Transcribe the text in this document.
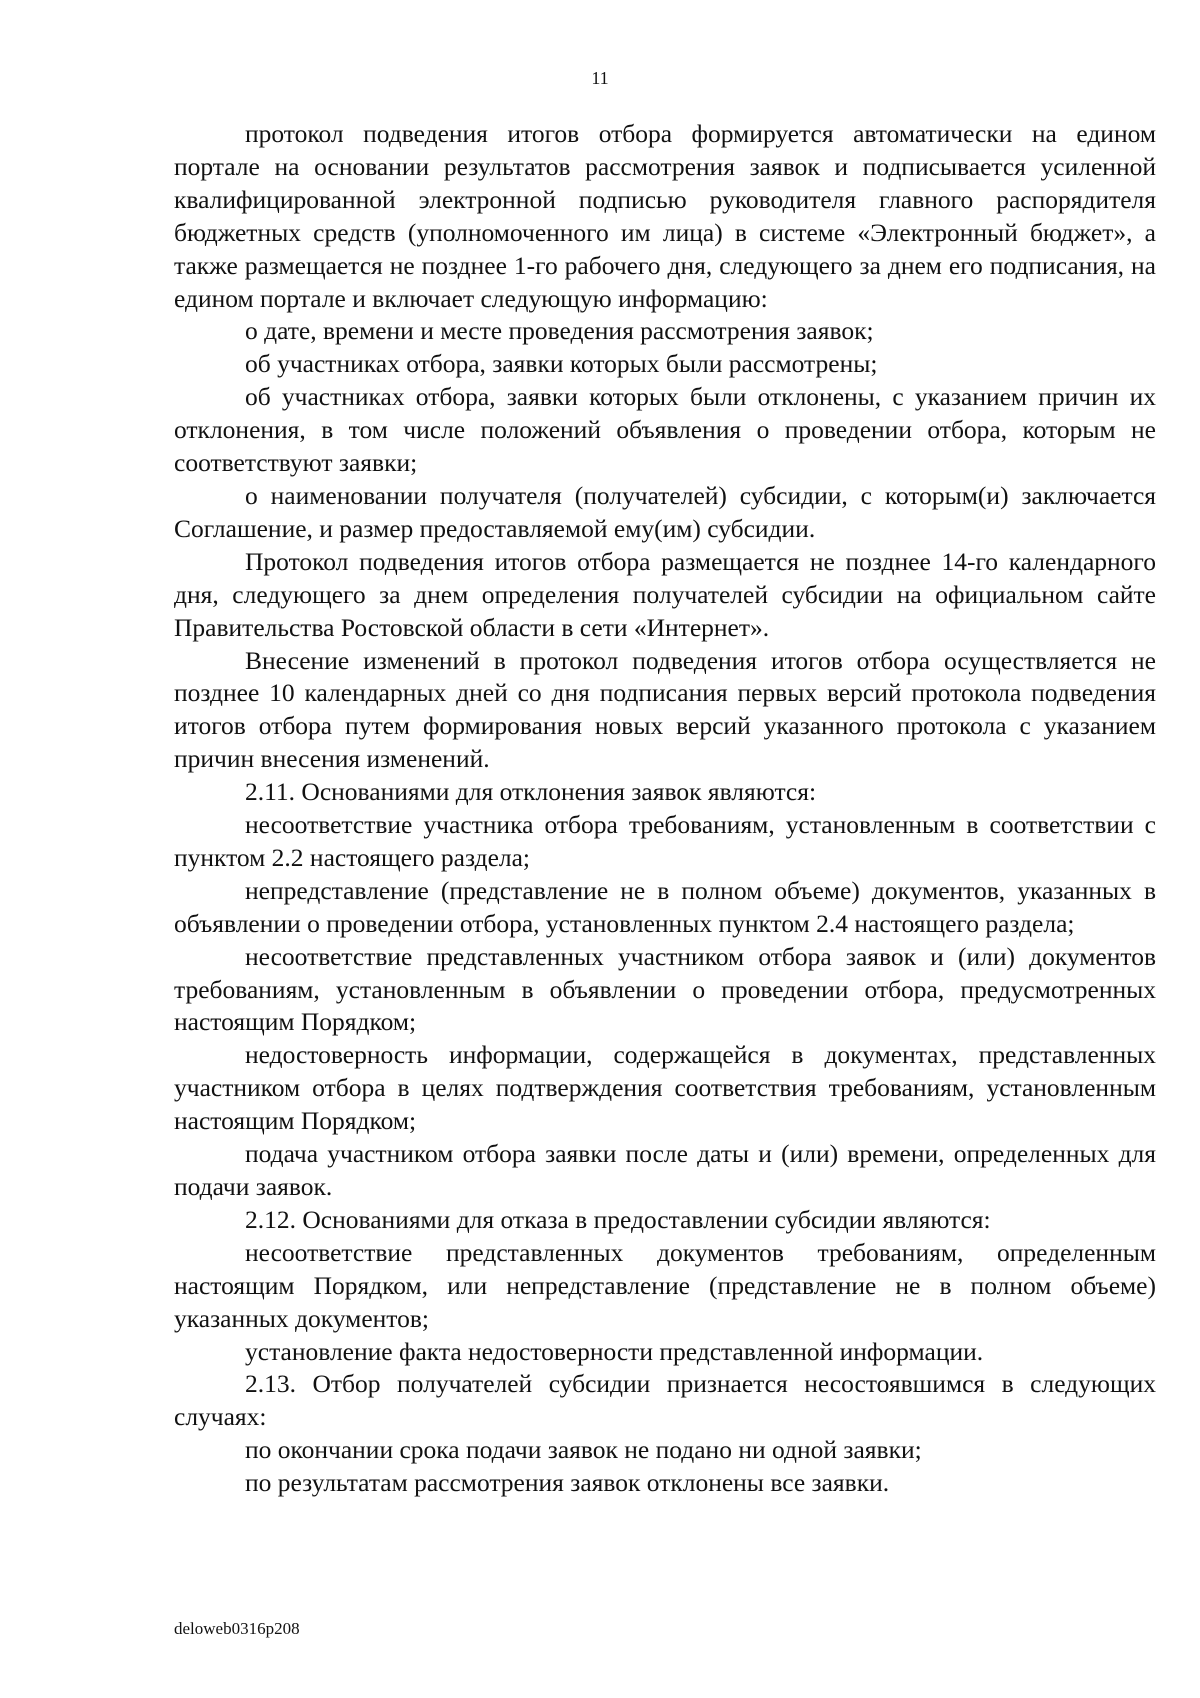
11

протокол подведения итогов отбора формируется автоматически на едином портале на основании результатов рассмотрения заявок и подписывается усиленной квалифицированной электронной подписью руководителя главного распорядителя бюджетных средств (уполномоченного им лица) в системе «Электронный бюджет», а также размещается не позднее 1-го рабочего дня, следующего за днем его подписания, на едином портале и включает следующую информацию:

о дате, времени и месте проведения рассмотрения заявок;

об участниках отбора, заявки которых были рассмотрены;

об участниках отбора, заявки которых были отклонены, с указанием причин их отклонения, в том числе положений объявления о проведении отбора, которым не соответствуют заявки;

о наименовании получателя (получателей) субсидии, с которым(и) заключается Соглашение, и размер предоставляемой ему(им) субсидии.

Протокол подведения итогов отбора размещается не позднее 14-го календарного дня, следующего за днем определения получателей субсидии на официальном сайте Правительства Ростовской области в сети «Интернет».

Внесение изменений в протокол подведения итогов отбора осуществляется не позднее 10 календарных дней со дня подписания первых версий протокола подведения итогов отбора путем формирования новых версий указанного протокола с указанием причин внесения изменений.

2.11. Основаниями для отклонения заявок являются:

несоответствие участника отбора требованиям, установленным в соответствии с пунктом 2.2 настоящего раздела;

непредставление (представление не в полном объеме) документов, указанных в объявлении о проведении отбора, установленных пунктом 2.4 настоящего раздела;

несоответствие представленных участником отбора заявок и (или) документов требованиям, установленным в объявлении о проведении отбора, предусмотренных настоящим Порядком;

недостоверность информации, содержащейся в документах, представленных участником отбора в целях подтверждения соответствия требованиям, установленным настоящим Порядком;

подача участником отбора заявки после даты и (или) времени, определенных для подачи заявок.

2.12. Основаниями для отказа в предоставлении субсидии являются:

несоответствие представленных документов требованиям, определенным настоящим Порядком, или непредставление (представление не в полном объеме) указанных документов;

установление факта недостоверности представленной информации.

2.13. Отбор получателей субсидии признается несостоявшимся в следующих случаях:

по окончании срока подачи заявок не подано ни одной заявки;

по результатам рассмотрения заявок отклонены все заявки.

deloweb0316p208
